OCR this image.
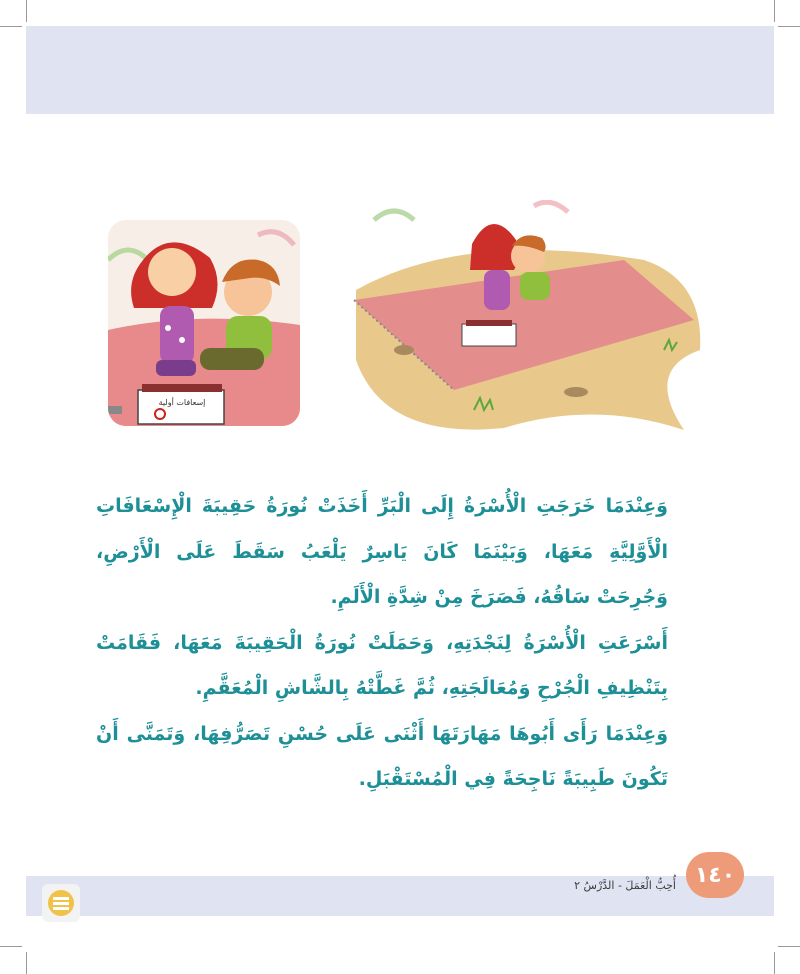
إسعافات أولية

وَعِنْدَمَا خَرَجَتِ الْأُسْرَةُ إِلَى الْبَرِّ أَخَذَتْ نُورَةُ حَقِيبَةَ الْإِسْعَافَاتِ الْأَوَّلِيَّةِ مَعَهَا، وَبَيْنَمَا كَانَ يَاسِرٌ يَلْعَبُ سَقَطَ عَلَى الْأَرْضِ، وَجُرِحَتْ سَاقُهُ، فَصَرَخَ مِنْ شِدَّةِ الْأَلَمِ.

أَسْرَعَتِ الْأُسْرَةُ لِنَجْدَتِهِ، وَحَمَلَتْ نُورَةُ الْحَقِيبَةَ مَعَهَا، فَقَامَتْ بِتَنْظِيفِ الْجُرْحِ وَمُعَالَجَتِهِ، ثُمَّ غَطَّتْهُ بِالشَّاشِ الْمُعَقَّمِ.

وَعِنْدَمَا رَأَى أَبُوهَا مَهَارَتَهَا أَثْنَى عَلَى حُسْنِ تَصَرُّفِهَا، وَتَمَنَّى أَنْ تَكُونَ طَبِيبَةً نَاجِحَةً فِي الْمُسْتَقْبَلِ.

أُحِبُّ الْعَمَلَ - الدَّرْسُ ٢ ١٤٠
